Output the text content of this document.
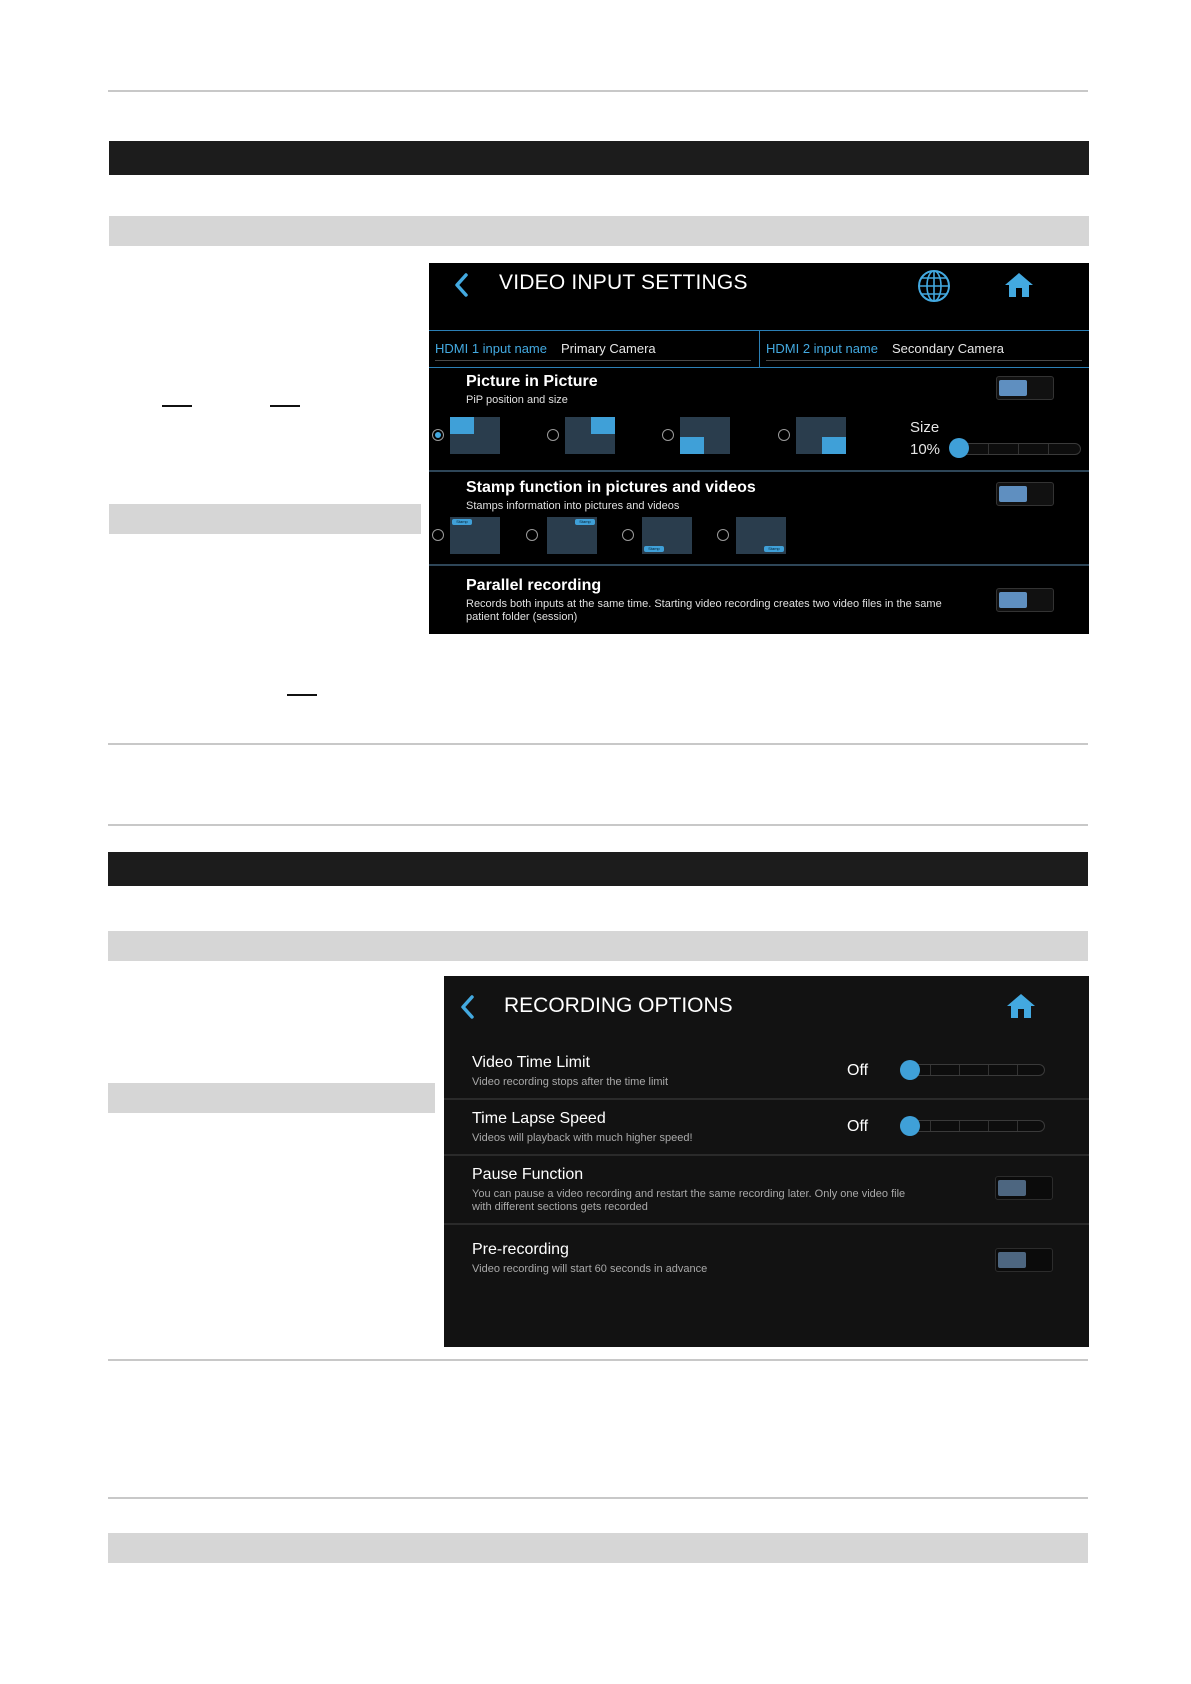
VIDEO INPUT SETTINGS
HDMI 1 input name Primary Camera	HDMI 2 input name Secondary Camera
Picture in Picture
PiP position and size
Size
10%
Stamp function in pictures and videos
Stamps information into pictures and videos
Stamp	Stamp
Stamp	Stamp
Parallel recording
Records both inputs at the same time. Starting video recording creates two video files in the same patient folder (session)
RECORDING OPTIONS
Video Time Limit
Video recording stops after the time limit
Off
Time Lapse Speed
Videos will playback with much higher speed!
Off
Pause Function
You can pause a video recording and restart the same recording later. Only one video file with different sections gets recorded
Pre-recording
Video recording will start 60 seconds in advance
